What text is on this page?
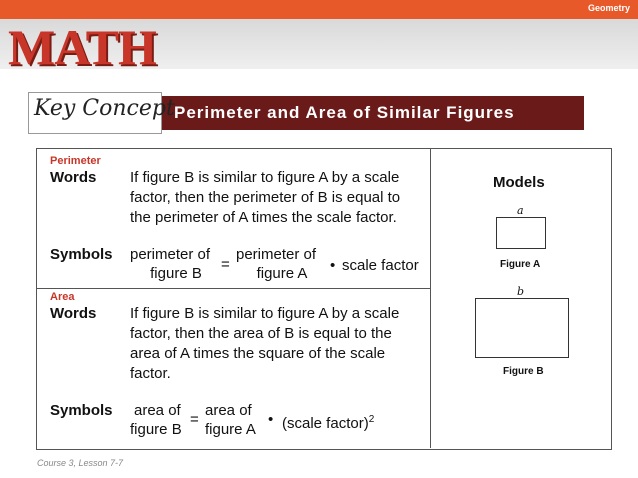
Geometry
MATH
Key Concept Perimeter and Area of Similar Figures
Perimeter
Words If figure B is similar to figure A by a scale
factor, then the perimeter of B is equal to
the perimeter of A times the scale factor.
Symbols perimeter of
figure B
=
perimeter of
figure A	• scale factor
Area
Words If figure B is similar to figure A by a scale
factor, then the area of B is equal to the
area of A times the square of the scale
factor.
Symbols area of
figure B
=
area of
figure A
• (scale factor)$^2$
Models
a
Figure A
b
Figure B
Course 3, Lesson 7-7
